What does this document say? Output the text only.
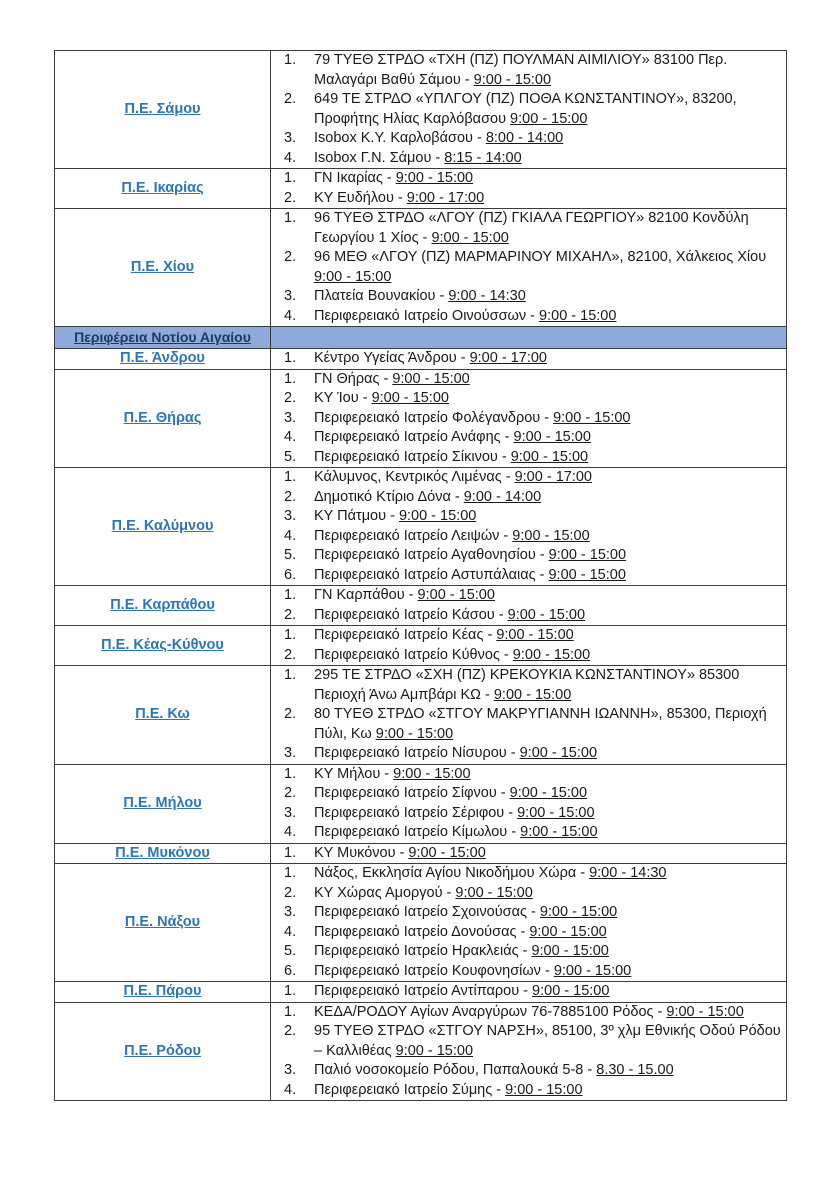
Π.Ε. Σάμου	
1.	79 ΤΥΕΘ ΣΤΡΔΟ «ΤΧΗ (ΠΖ) ΠΟΥΛΜΑΝ ΑΙΜΙΛΙΟΥ» 83100 Περ. Μαλαγάρι Βαθύ Σάμου - 9:00 - 15:00
2.	649 ΤΕ ΣΤΡΔΟ «ΥΠΛΓΟΥ (ΠΖ) ΠΟΘΑ ΚΩΝΣΤΑΝΤΙΝΟΥ», 83200, Προφήτης Ηλίας Καρλόβασου 9:00 - 15:00
3.	Isobox Κ.Υ. Καρλοβάσου - 8:00 - 14:00
4.	Isobox Γ.Ν. Σάμου - 8:15 - 14:00

Π.Ε. Ικαρίας	
1.	ΓΝ Ικαρίας - 9:00 - 15:00
2.	ΚΥ Ευδήλου - 9:00 - 17:00

Π.Ε. Χίου	
1.	96 ΤΥΕΘ ΣΤΡΔΟ «ΛΓΟΥ (ΠΖ) ΓΚΙΑΛΑ ΓΕΩΡΓΙΟΥ» 82100 Κονδύλη Γεωργίου 1 Χίος - 9:00 - 15:00
2.	96 ΜΕΘ «ΛΓΟΥ (ΠΖ) ΜΑΡΜΑΡΙΝΟΥ ΜΙΧΑΗΛ», 82100, Χάλκειος Χίου 9:00 - 15:00
3.	Πλατεία Βουνακίου - 9:00 - 14:30
4.	Περιφερειακό Ιατρείο Οινούσσων - 9:00 - 15:00

Περιφέρεια Νοτίου Αιγαίου	
Π.Ε. Άνδρου	1.	Κέντρο Υγείας Άνδρου - 9:00 - 17:00

Π.Ε. Θήρας	
1.	ΓΝ Θήρας - 9:00 - 15:00
2.	ΚΥ Ίου - 9:00 - 15:00
3.	Περιφερειακό Ιατρείο Φολέγανδρου - 9:00 - 15:00
4.	Περιφερειακό Ιατρείο Ανάφης - 9:00 - 15:00
5.	Περιφερειακό Ιατρείο Σίκινου - 9:00 - 15:00

Π.Ε. Καλύμνου	
1.	Κάλυμνος, Κεντρικός Λιμένας - 9:00 - 17:00
2.	Δημοτικό Κτίριο Δόνα - 9:00 - 14:00
3.	ΚΥ Πάτμου - 9:00 - 15:00
4.	Περιφερειακό Ιατρείο Λειψών - 9:00 - 15:00
5.	Περιφερειακό Ιατρείο Αγαθονησίου - 9:00 - 15:00
6.	Περιφερειακό Ιατρείο Αστυπάλαιας - 9:00 - 15:00

Π.Ε. Καρπάθου	
1.	ΓΝ Καρπάθου - 9:00 - 15:00
2.	Περιφερειακό Ιατρείο Κάσου - 9:00 - 15:00

Π.Ε. Κέας-Κύθνου	
1.	Περιφερειακό Ιατρείο Κέας - 9:00 - 15:00
2.	Περιφερειακό Ιατρείο Κύθνος - 9:00 - 15:00

Π.Ε. Κω	
1.	295 ΤΕ ΣΤΡΔΟ «ΣΧΗ (ΠΖ) ΚΡΕΚΟΥΚΙΑ ΚΩΝΣΤΑΝΤΙΝΟΥ» 85300 Περιοχή Άνω Αμπβάρι ΚΩ - 9:00 - 15:00
2.	80 ΤΥΕΘ ΣΤΡΔΟ «ΣΤΓΟΥ ΜΑΚΡΥΓΙΑΝΝΗ ΙΩΑΝΝΗ», 85300, Περιοχή Πύλι, Κω 9:00 - 15:00
3.	Περιφερειακό Ιατρείο Νίσυρου - 9:00 - 15:00

Π.Ε. Μήλου	
1.	ΚΥ Μήλου - 9:00 - 15:00
2.	Περιφερειακό Ιατρείο Σίφνου - 9:00 - 15:00
3.	Περιφερειακό Ιατρείο Σέριφου - 9:00 - 15:00
4.	Περιφερειακό Ιατρείο Κίμωλου - 9:00 - 15:00

Π.Ε. Μυκόνου	1.	ΚΥ Μυκόνου - 9:00 - 15:00

Π.Ε. Νάξου	
1.	Νάξος, Εκκλησία Αγίου Νικοδήμου Χώρα - 9:00 - 14:30
2.	ΚΥ Χώρας Αμοργού - 9:00 - 15:00
3.	Περιφερειακό Ιατρείο Σχοινούσας - 9:00 - 15:00
4.	Περιφερειακό Ιατρείο Δονούσας - 9:00 - 15:00
5.	Περιφερειακό Ιατρείο Ηρακλειάς - 9:00 - 15:00
6.	Περιφερειακό Ιατρείο Κουφονησίων - 9:00 - 15:00

Π.Ε. Πάρου	1.	Περιφερειακό Ιατρείο Αντίπαρου - 9:00 - 15:00

Π.Ε. Ρόδου	
1.	ΚΕΔΑ/ΡΟΔΟΥ Αγίων Αναργύρων 76-7885100 Ρόδος - 9:00 - 15:00
2.	95 ΤΥΕΘ ΣΤΡΔΟ «ΣΤΓΟΥ ΝΑΡΣΗ», 85100, 3º χλμ Εθνικής Οδού Ρόδου – Καλλιθέας 9:00 - 15:00
3.	Παλιό νοσοκομείο Ρόδου, Παπαλουκά 5-8 - 8.30 - 15.00
4.	Περιφερειακό Ιατρείο Σύμης - 9:00 - 15:00
